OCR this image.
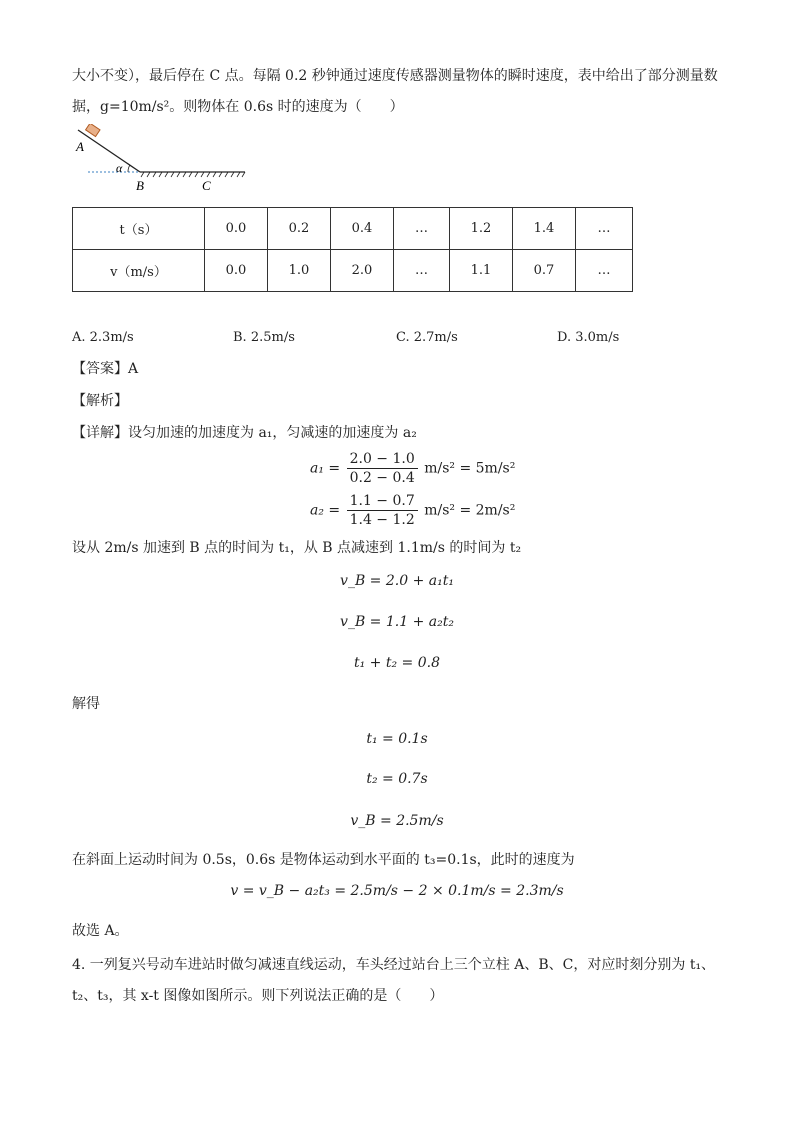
大小不变），最后停在 C 点。每隔 0.2 秒钟通过速度传感器测量物体的瞬时速度，表中给出了部分测量数
据，g=10m/s²。则物体在 0.6s 时的速度为（　　）
A
α
B	C
t（s）	0.0	0.2	0.4	…	1.2	1.4	…
v（m/s）	0.0	1.0	2.0	…	1.1	0.7	…
A. 2.3m/s	B. 2.5m/s	C. 2.7m/s	D. 3.0m/s
【答案】A
【解析】
【详解】设匀加速的加速度为 a₁，匀减速的加速度为 a₂
$a_1 = \frac{2.0 - 1.0}{0.2 - 0.4} m/s^2 = 5m/s^2$
$a_2 = \frac{1.1 - 0.7}{1.4 - 1.2} m/s^2 = 2m/s^2$
设从 2m/s 加速到 B 点的时间为 t₁，从 B 点减速到 1.1m/s 的时间为 t₂
v_B = 2.0 + a₁t₁
v_B = 1.1 + a₂t₂
t₁ + t₂ = 0.8
解得
t₁ = 0.1s
t₂ = 0.7s
v_B = 2.5m/s
在斜面上运动时间为 0.5s，0.6s 是物体运动到水平面的 t₃=0.1s，此时的速度为
v = v_B − a₂t₃ = 2.5m/s − 2 × 0.1m/s = 2.3m/s
故选 A。
4. 一列复兴号动车进站时做匀减速直线运动，车头经过站台上三个立柱 A、B、C，对应时刻分别为 t₁、
t₂、t₃，其 x-t 图像如图所示。则下列说法正确的是（　　）
